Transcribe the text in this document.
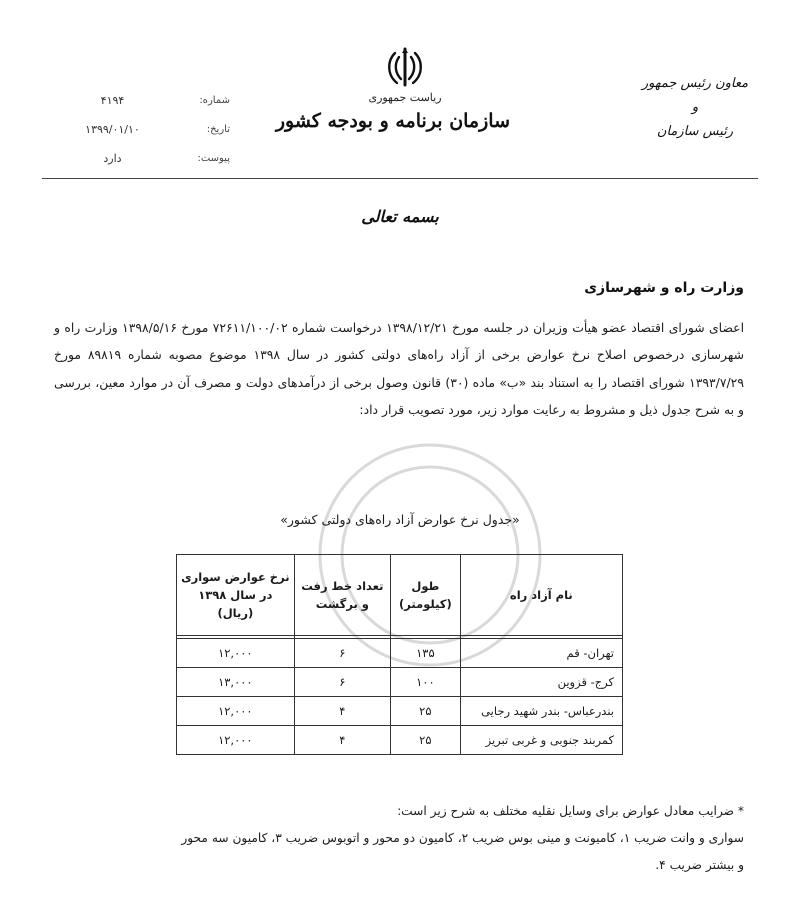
شماره:
۴۱۹۴
تاریخ:
۱۳۹۹/۰۱/۱۰
پیوست:
دارد
ریاست جمهوری
سازمان برنامه و بودجه کشور
معاون رئیس جمهور
و
رئیس سازمان
بسمه تعالی
وزارت راه و شهرسازی
اعضای شورای اقتصاد عضو هیأت وزیران در جلسه مورخ ۱۳۹۸/۱۲/۲۱ درخواست شماره ۷۲۶۱۱/۱۰۰/۰۲ مورخ ۱۳۹۸/۵/۱۶ وزارت راه و شهرسازی درخصوص اصلاح نرخ عوارض برخی از آزاد راه‌های دولتی کشور در سال ۱۳۹۸ موضوع مصوبه شماره ۸۹۸۱۹ مورخ ۱۳۹۳/۷/۲۹ شورای اقتصاد را به استناد بند «ب» ماده (۳۰) قانون وصول برخی از درآمدهای دولت و مصرف آن در موارد معین، بررسی و به شرح جدول ذیل و مشروط به رعایت موارد زیر، مورد تصویب قرار داد:
«جدول نرخ عوارض آزاد راه‌های دولتی کشور»
نام آزاد راه	طول (کیلومتر)	تعداد خط رفت و برگشت	نرخ عوارض سواری در سال ۱۳۹۸ (ریال)

تهران- قم	۱۳۵	۶	۱۲,۰۰۰
کرج- قزوین	۱۰۰	۶	۱۳,۰۰۰
بندرعباس- بندر شهید رجایی	۲۵	۴	۱۲,۰۰۰
کمربند جنوبی و غربی تبریز	۲۵	۴	۱۲,۰۰۰
* ضرایب معادل عوارض برای وسایل نقلیه مختلف به شرح زیر است:
سواری و وانت ضریب ۱، کامیونت و مینی بوس ضریب ۲، کامیون دو محور و اتوبوس ضریب ۳، کامیون سه محور
و بیشتر ضریب ۴.
